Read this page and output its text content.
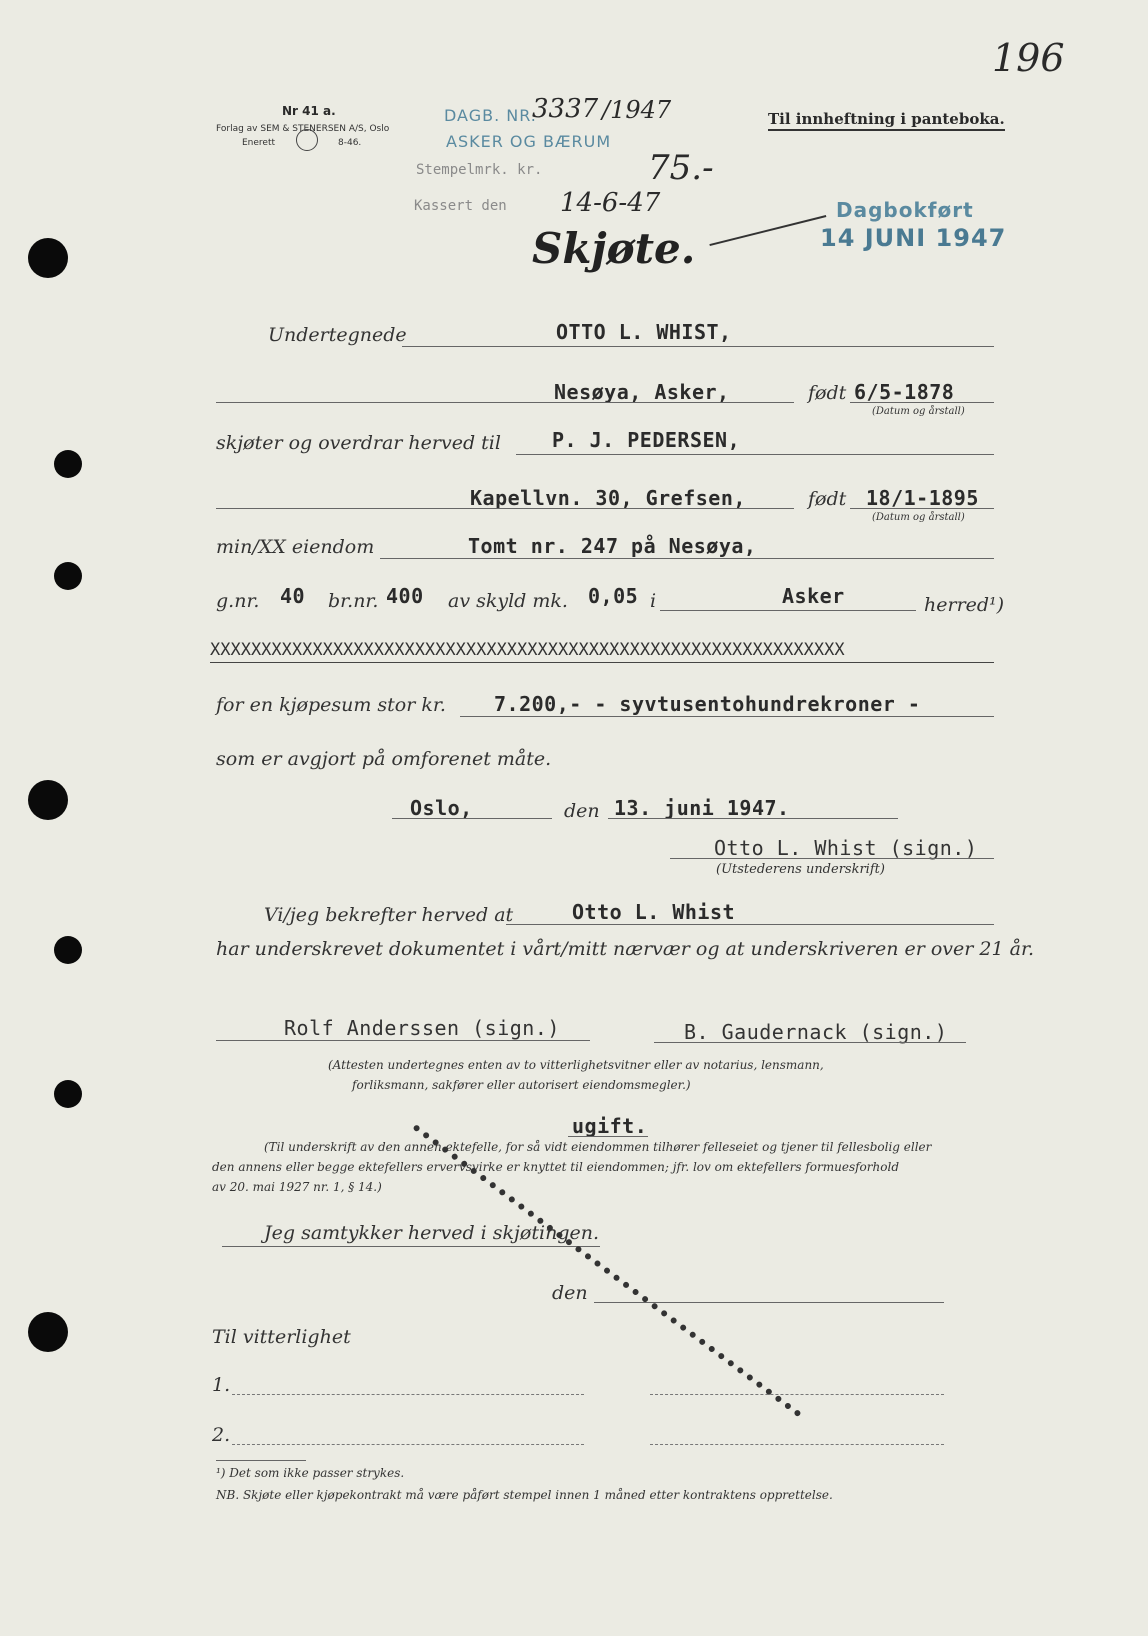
196
Nr 41 a.
Forlag av SEM & STENERSEN A/S, Oslo
Enerett	8-46.
DAGB. NR.
3337 /1947
ASKER OG BÆRUM
Til innheftning i panteboka.
Stempelmrk. kr.	75.-
Kassert den 14-6-47	Dagbokført
14 JUNI 1947
Skjøte.
Undertegnede	OTTO L. WHIST,
Nesøya, Asker,	født 6/5-1878
(Datum og årstall)
skjøter og overdrar herved til	P. J. PEDERSEN,
Kapellvn. 30, Grefsen,	født 18/1-1895
(Datum og årstall)
min/XX eiendom	Tomt nr. 247 på Nesøya,
g.nr. 40 br.nr. 400 av skyld mk. 0,05 i	Asker	herred¹)
XXXXXXXXXXXXXXXXXXXXXXXXXXXXXXXXXXXXXXXXXXXXXXXXXXXXXXXXXXXXXX
for en kjøpesum stor kr. 7.200,- - syvtusentohundrekroner -
som er avgjort på omforenet måte.
Oslo,	den 13. juni 1947.
Otto L. Whist (sign.)
(Utstederens underskrift)
Vi/jeg bekrefter herved at	Otto L. Whist
har underskrevet dokumentet i vårt/mitt nærvær og at underskriveren er over 21 år.
Rolf Anderssen (sign.)	B. Gaudernack (sign.)
(Attesten undertegnes enten av to vitterlighetsvitner eller av notarius, lensmann,
forliksmann, sakfører eller autorisert eiendomsmegler.)
ugift.
(Til underskrift av den annen ektefelle, for så vidt eiendommen tilhører felleseiet og tjener til fellesbolig eller
den annens eller begge ektefellers ervervsvirke er knyttet til eiendommen; jfr. lov om ektefellers formuesforhold
av 20. mai 1927 nr. 1, § 14.)
Jeg samtykker herved i skjøtingen.
den
Til vitterlighet
1.
2.
¹) Det som ikke passer strykes.
NB. Skjøte eller kjøpekontrakt må være påført stempel innen 1 måned etter kontraktens opprettelse.
